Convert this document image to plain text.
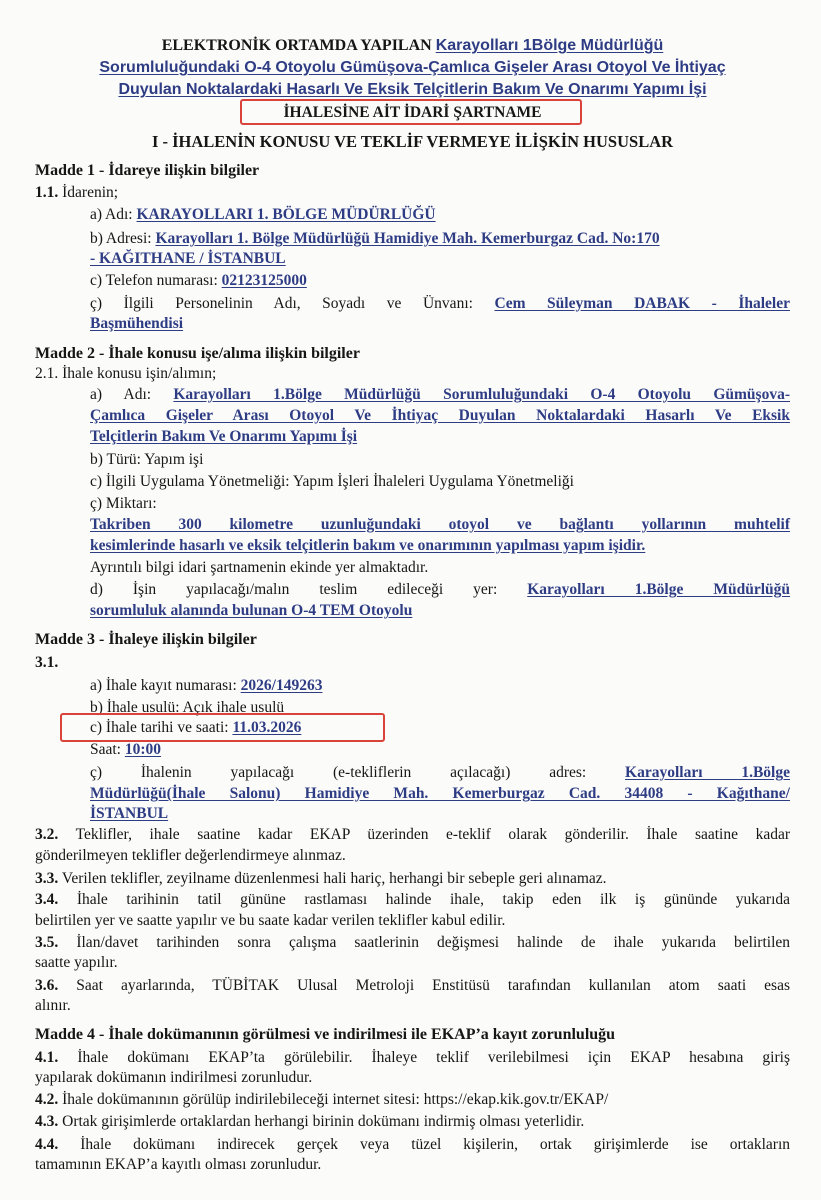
ELEKTRONİK ORTAMDA YAPILAN Karayolları 1Bölge Müdürlüğü

Sorumluluğundaki O-4 Otoyolu Gümüşova-Çamlıca Gişeler Arası Otoyol Ve İhtiyaç

Duyulan Noktalardaki Hasarlı Ve Eksik Telçitlerin Bakım Ve Onarımı Yapımı İşi

İHALESİNE AİT İDARİ ŞARTNAME

I - İHALENİN KONUSU VE TEKLİF VERMEYE İLİŞKİN HUSUSLAR

Madde 1 - İdareye ilişkin bilgiler

1.1. İdarenin;

a) Adı: KARAYOLLARI 1. BÖLGE MÜDÜRLÜĞÜ

b) Adresi: Karayolları 1. Bölge Müdürlüğü Hamidiye Mah. Kemerburgaz Cad. No:170

- KAĞITHANE / İSTANBUL

c) Telefon numarası: 02123125000

ç) İlgili Personelinin Adı, Soyadı ve Ünvanı: Cem Süleyman DABAK - İhaleler

Başmühendisi

Madde 2 - İhale konusu işe/alıma ilişkin bilgiler

2.1. İhale konusu işin/alımın;

a) Adı: Karayolları 1.Bölge Müdürlüğü Sorumluluğundaki O-4 Otoyolu Gümüşova-

Çamlıca Gişeler Arası Otoyol Ve İhtiyaç Duyulan Noktalardaki Hasarlı Ve Eksik

Telçitlerin Bakım Ve Onarımı Yapımı İşi

b) Türü: Yapım işi

c) İlgili Uygulama Yönetmeliği: Yapım İşleri İhaleleri Uygulama Yönetmeliği

ç) Miktarı:

Takriben 300 kilometre uzunluğundaki otoyol ve bağlantı yollarının muhtelif

kesimlerinde hasarlı ve eksik telçitlerin bakım ve onarımının yapılması yapım işidir.

Ayrıntılı bilgi idari şartnamenin ekinde yer almaktadır.

d) İşin yapılacağı/malın teslim edileceği yer: Karayolları 1.Bölge Müdürlüğü

sorumluluk alanında bulunan O-4 TEM Otoyolu

Madde 3 - İhaleye ilişkin bilgiler

3.1.

a) İhale kayıt numarası: 2026/149263

b) İhale usulü: Açık ihale usulü

c) İhale tarihi ve saati: 11.03.2026

Saat: 10:00

ç) İhalenin yapılacağı (e-tekliflerin açılacağı) adres:	Karayolları 1.Bölge

Müdürlüğü(İhale Salonu) Hamidiye Mah. Kemerburgaz Cad. 34408 - Kağıthane/

İSTANBUL

3.2. Teklifler, ihale saatine kadar EKAP üzerinden e-teklif olarak gönderilir. İhale saatine kadar

gönderilmeyen teklifler değerlendirmeye alınmaz.

3.3. Verilen teklifler, zeyilname düzenlenmesi hali hariç, herhangi bir sebeple geri alınamaz.

3.4. İhale tarihinin tatil gününe rastlaması halinde ihale, takip eden ilk iş gününde yukarıda

belirtilen yer ve saatte yapılır ve bu saate kadar verilen teklifler kabul edilir.

3.5. İlan/davet tarihinden sonra çalışma saatlerinin değişmesi halinde de ihale yukarıda belirtilen

saatte yapılır.

3.6. Saat ayarlarında, TÜBİTAK Ulusal Metroloji Enstitüsü tarafından kullanılan atom saati esas

alınır.

Madde 4 - İhale dokümanının görülmesi ve indirilmesi ile EKAP’a kayıt zorunluluğu

4.1. İhale dokümanı EKAP’ta görülebilir. İhaleye teklif verilebilmesi için EKAP hesabına giriş

yapılarak dokümanın indirilmesi zorunludur.

4.2. İhale dokümanının görülüp indirilebileceği internet sitesi: https://ekap.kik.gov.tr/EKAP/

4.3. Ortak girişimlerde ortaklardan herhangi birinin dokümanı indirmiş olması yeterlidir.

4.4. İhale dokümanı indirecek gerçek veya tüzel kişilerin, ortak girişimlerde ise ortakların

tamamının EKAP’a kayıtlı olması zorunludur.
